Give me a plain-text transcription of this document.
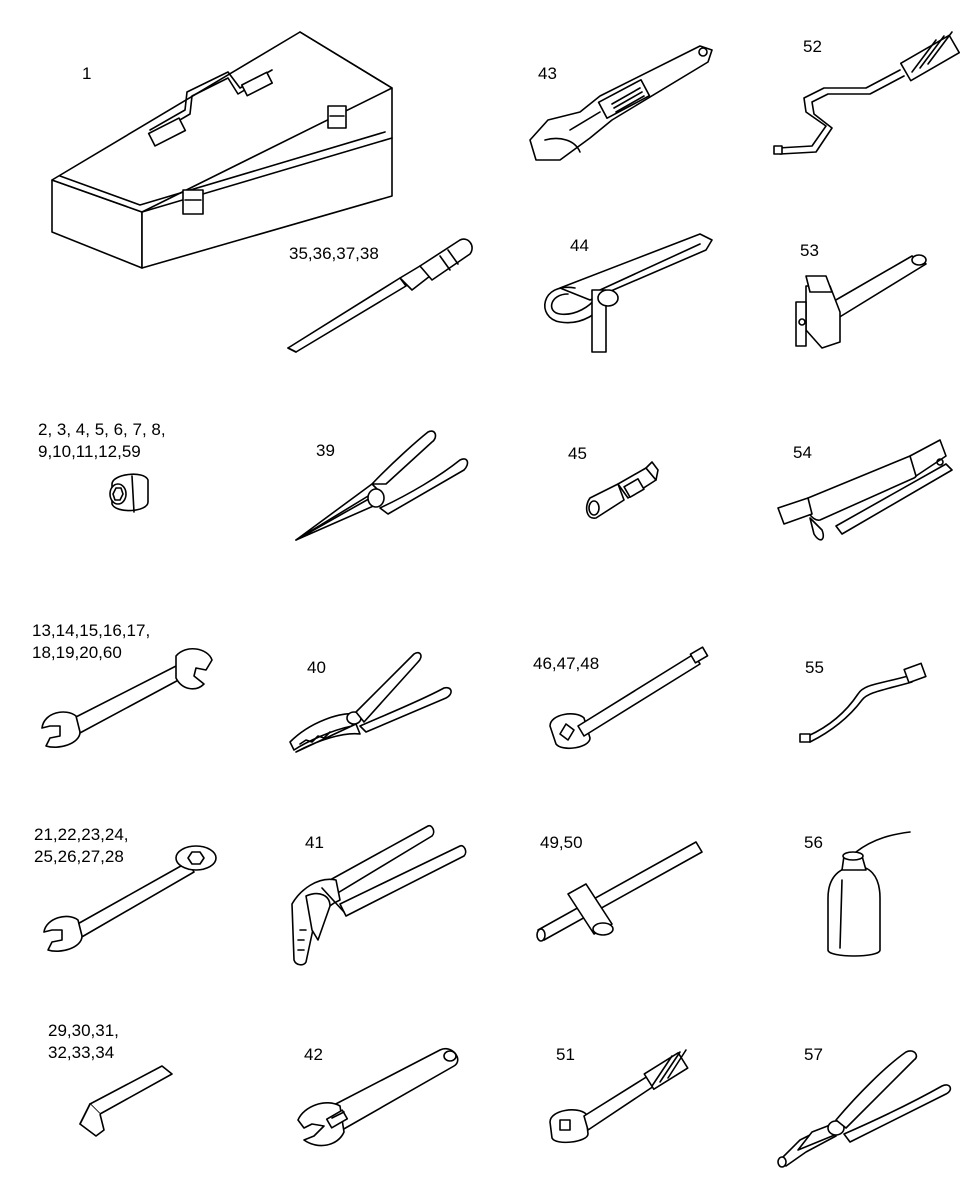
1	43
52
35,36,37,38	44	53
2, 3, 4, 5, 6, 7, 8,
9,10,11,12,59	39	45	54
13,14,15,16,17,
18,19,20,60
40	46,47,48	55
21,22,23,24,
25,26,27,28
41	49,50	56
29,30,31,
32,33,34	42	51	57
